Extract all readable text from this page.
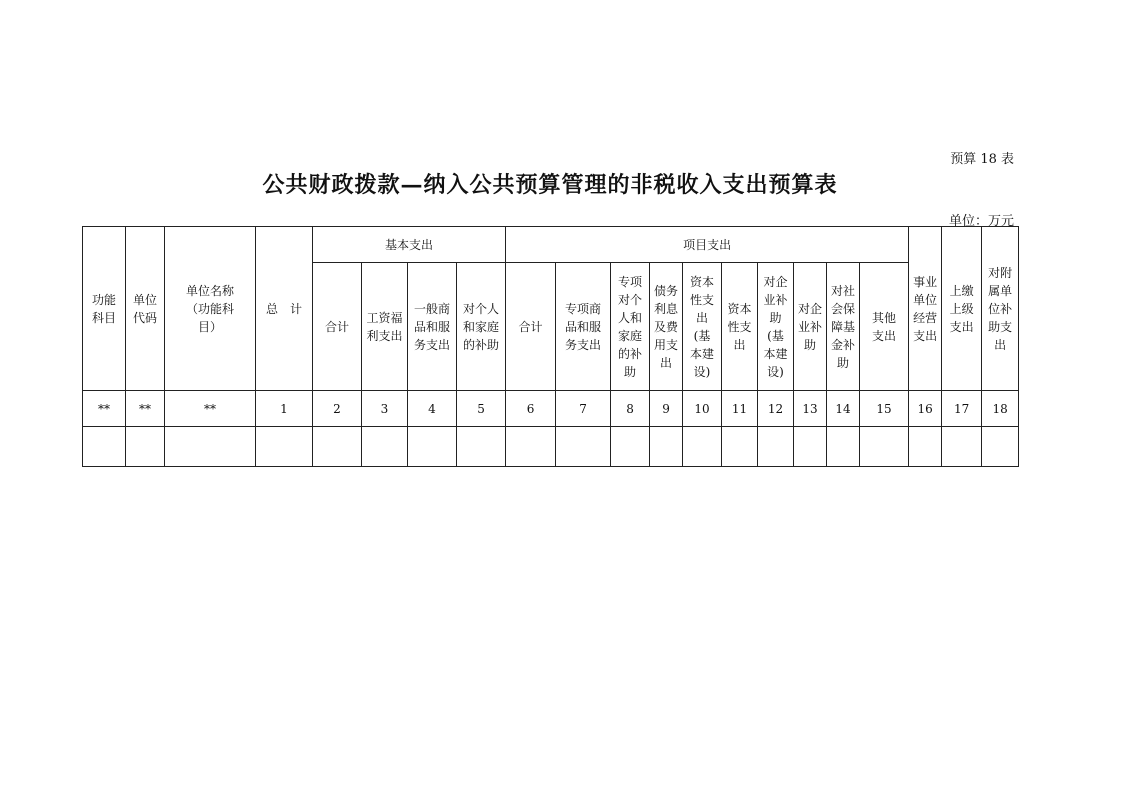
预算 18 表
公共财政拨款—纳入公共预算管理的非税收入支出预算表
单位：万元
功能科目	单位代码	单位名称（功能科目）	总　计	基本支出				项目支出										事业单位经营支出	上缴上级支出	对附属单位补助支出
				合计	工资福利支出	一般商品和服务支出	对个人和家庭的补助	合计	专项商品和服务支出	专项对个人和家庭的补助	债务利息及费用支出	资本性支出(基本建设)	资本性支出	对企业补助(基本建设)	对企业补助	对社会保障基金补助	其他支出			
**	**	**	1	2	3	4	5	6	7	8	9	10	11	12	13	14	15	16	17	18
